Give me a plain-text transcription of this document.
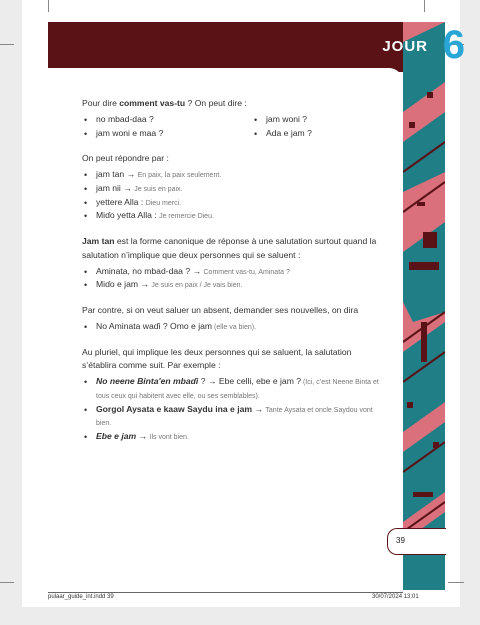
JOUR 6

Pour dire comment vas-tu ? On peut dire :

• no mbad-daa ?
• jam woni e maa ?
• jam woni ?
• Ada e jam ?

On peut répondre par :

• jam tan → En paix, la paix seulement.
• jam nii → Je suis en paix.
• yettere Alla : Dieu merci.
• Miɗo yetta Alla : Je remercie Dieu.

Jam tan est la forme canonique de réponse à une salutation surtout quand la salutation n’implique que deux personnes qui se saluent :

• Aminata, no mbad-daa ? → Comment vas-tu, Aminata ?
• Miɗo e jam → Je suis en paix / Je vais bien.

Par contre, si on veut saluer un absent, demander ses nouvelles, on dira

• No Aminata waɗi ? Omo e jam (elle va bien).

Au pluriel, qui implique les deux personnes qui se saluent, la salutation s’établira comme suit. Par exemple :

• No neene Binta'en mbaɗi ? → Ebe celli, ebe e jam ? (Ici, c’est Neene Binta et tous ceux qui habitent avec elle, ou ses semblables).
• Gorgol Aysata e kaaw Saydu ina e jam → Tante Aysata et oncle Saydou vont bien.
• Ebe e jam → Ils vont bien.
39
pulaar_guide_int.indd 39	30/07/2024 13:01
